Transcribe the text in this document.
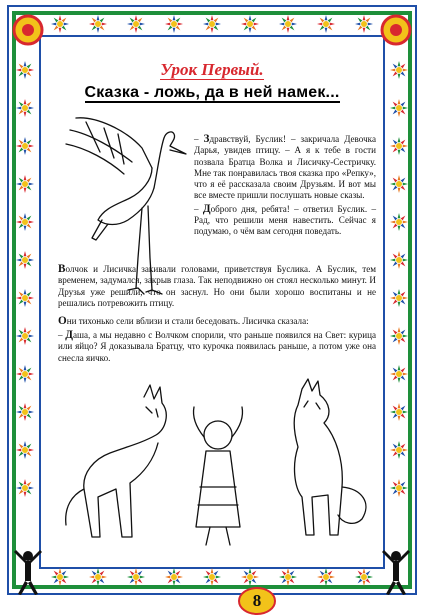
Урок Первый.
Сказка - ложь, да в ней намек...

– Здравствуй, Буслик! – закричала Девочка Дарья, увидев птицу. – А я к тебе в гости позвала Братца Волка и Лисичку-Сестричку. Мне так понравилась твоя сказка про «Репку», что я её рассказала своим Друзьям. И вот мы все вместе пришли послушать новые сказы.

– Доброго дня, ребята! – ответил Буслик. – Рад, что решили меня навестить. Сейчас я подумаю, о чём вам сегодня поведать.

Волчок и Лисичка закивали головами, приветствуя Буслика. А Буслик, тем временем, задумался, закрыв глаза. Так неподвижно он стоял несколько минут. И Друзья уже решили, что он заснул. Но они были хорошо воспитаны и не решались потревожить птицу.

Они тихонько сели вблизи и стали беседовать. Лисичка сказала:

– Даша, а мы недавно с Волчком спорили, что раньше появился на Свет: курица или яйцо? Я доказывала Братцу, что курочка появилась раньше, а потом уже она снесла яичко.

8
